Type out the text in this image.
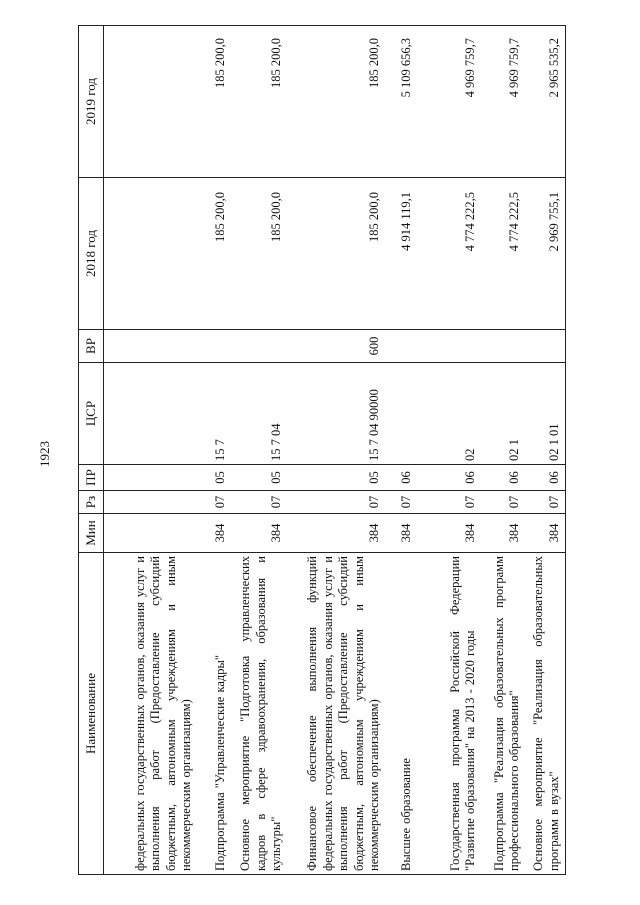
1923
Наименование	Мин	Рз	ПР	ЦСР	ВР	2018 год	2019 год
федеральных государственных органов, оказания услуг и выполнения работ (Предоставление субсидий бюджетным, автономным учреждениям и иным некоммерческим организациям)							
Подпрограмма "Управленческие кадры"	384	07	05	15 7		185 200,0	185 200,0
Основное мероприятие "Подготовка управленческих кадров в сфере здравоохранения, образования и культуры"	384	07	05	15 7 04		185 200,0	185 200,0
Финансовое обеспечение выполнения функций федеральных государственных органов, оказания услуг и выполнения работ (Предоставление субсидий бюджетным, автономным учреждениям и иным некоммерческим организациям)	384	07	05	15 7 04 90000	600	185 200,0	185 200,0
Высшее образование	384	07	06			4 914 119,1	5 109 656,3
Государственная программа Российской Федерации "Развитие образования" на 2013 - 2020 годы	384	07	06	02		4 774 222,5	4 969 759,7
Подпрограмма "Реализация образовательных программ профессионального образования"	384	07	06	02 1		4 774 222,5	4 969 759,7
Основное мероприятие "Реализация образовательных программ в вузах"	384	07	06	02 1 01		2 969 755,1	2 965 535,2
